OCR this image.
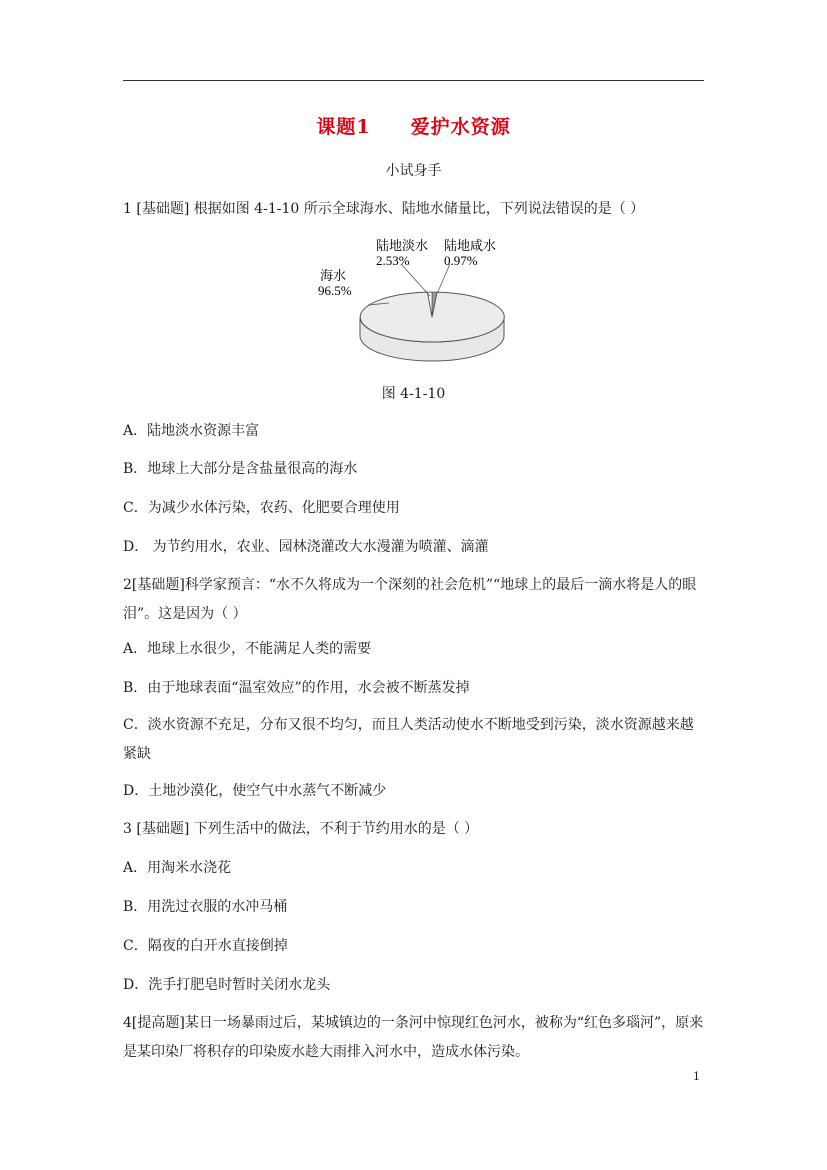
课题1　　爱护水资源
小试身手
1 [基础题] 根据如图 4-1-10 所示全球海水、陆地水储量比，下列说法错误的是（ ）
海水
96.5%
陆地淡水
2.53%
陆地咸水
0.97%
图 4-1-10
A．陆地淡水资源丰富
B．地球上大部分是含盐量很高的海水
C．为减少水体污染，农药、化肥要合理使用
D． 为节约用水，农业、园林浇灌改大水漫灌为喷灌、滴灌
2[基础题]科学家预言：“水不久将成为一个深刻的社会危机”“地球上的最后一滴水将是人的眼泪”。这是因为（ ）
A．地球上水很少，不能满足人类的需要
B．由于地球表面“温室效应”的作用，水会被不断蒸发掉
C．淡水资源不充足，分布又很不均匀，而且人类活动使水不断地受到污染，淡水资源越来越紧缺
D．土地沙漠化，使空气中水蒸气不断减少
3 [基础题] 下列生活中的做法，不利于节约用水的是（ ）
A．用淘米水浇花
B．用洗过衣服的水冲马桶
C．隔夜的白开水直接倒掉
D．洗手打肥皂时暂时关闭水龙头
4[提高题]某日一场暴雨过后，某城镇边的一条河中惊现红色河水，被称为“红色多瑙河”，原来是某印染厂将积存的印染废水趁大雨排入河水中，造成水体污染。
1
